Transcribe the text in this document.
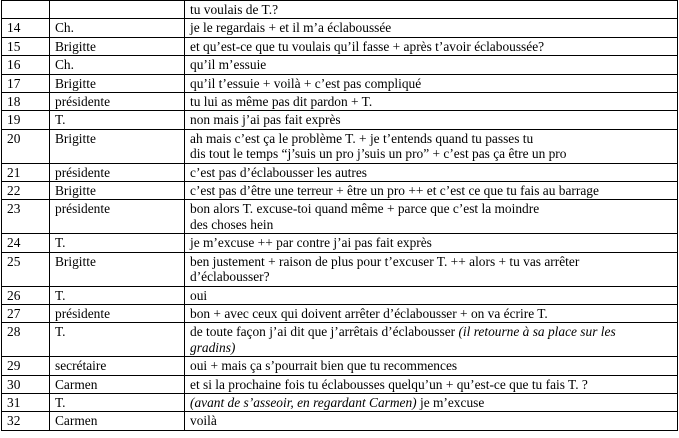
		tu voulais de T.?

14	Ch.	je le regardais + et il m’a éclaboussée

15	Brigitte	et qu’est-ce que tu voulais qu’il fasse + après t’avoir éclaboussée?

16	Ch.	qu’il m’essuie

17	Brigitte	qu’il t’essuie + voilà + c’est pas compliqué

18	présidente	tu lui as même pas dit pardon + T.

19	T.	non mais j’ai pas fait exprès

20	Brigitte	ah mais c’est ça le problème T. + je t’entends quand tu passes tu
dis tout le temps “j’suis un pro j’suis un pro” + c’est pas ça être un pro

21	présidente	c’est pas d’éclabousser les autres

22	Brigitte	c’est pas d’être une terreur + être un pro ++ et c’est ce que tu fais au barrage

23	présidente	bon alors T. excuse-toi quand même + parce que c’est la moindre
des choses hein

24	T.	je m’excuse ++ par contre j’ai pas fait exprès

25	Brigitte	ben justement + raison de plus pour t’excuser T. ++ alors + tu vas arrêter
d’éclabousser?

26	T.	oui

27	présidente	bon + avec ceux qui doivent arrêter d’éclabousser + on va écrire T.

28	T.	de toute façon j’ai dit que j’arrêtais d’éclabousser (il retourne à sa place sur les
gradins)

29	secrétaire	oui + mais ça s’pourrait bien que tu recommences

30	Carmen	et si la prochaine fois tu éclabousses quelqu’un + qu’est-ce que tu fais T. ?

31	T.	(avant de s’asseoir, en regardant Carmen) je m’excuse

32	Carmen	voilà
